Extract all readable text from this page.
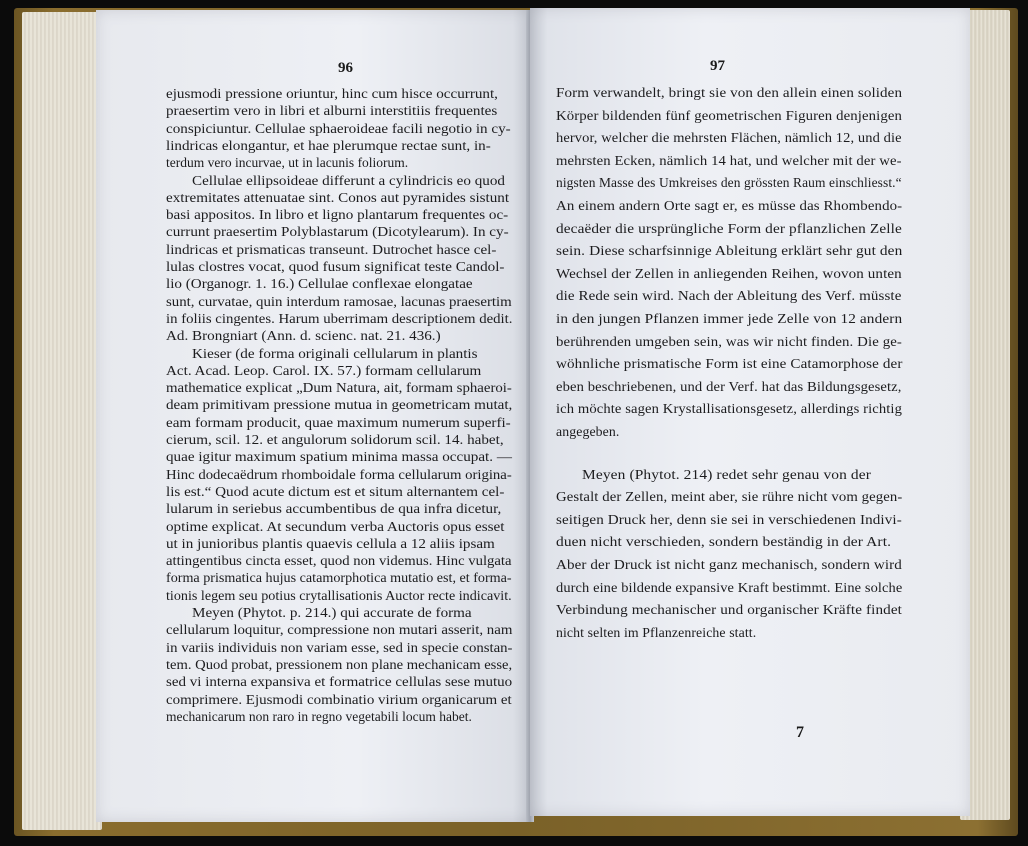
96
ejusmodi pressione oriuntur, hinc cum hisce occurrunt,
praesertim vero in libri et alburni interstitiis frequentes
conspiciuntur. Cellulae sphaeroideae facili negotio in cy-
lindricas elongantur, et hae plerumque rectae sunt, in-
terdum vero incurvae, ut in lacunis foliorum.
Cellulae ellipsoideae differunt a cylindricis eo quod
extremitates attenuatae sint. Conos aut pyramides sistunt
basi appositos. In libro et ligno plantarum frequentes oc-
currunt praesertim Polyblastarum (Dicotylearum). In cy-
lindricas et prismaticas transeunt. Dutrochet hasce cel-
lulas clostres vocat, quod fusum significat teste Candol-
lio (Organogr. 1. 16.) Cellulae conflexae elongatae
sunt, curvatae, quin interdum ramosae, lacunas praesertim
in foliis cingentes. Harum uberrimam descriptionem dedit.
Ad. Brongniart (Ann. d. scienc. nat. 21. 436.)
Kieser (de forma originali cellularum in plantis
Act. Acad. Leop. Carol. IX. 57.) formam cellularum
mathematice explicat „Dum Natura, ait, formam sphaeroi-
deam primitivam pressione mutua in geometricam mutat,
eam formam producit, quae maximum numerum superfi-
cierum, scil. 12. et angulorum solidorum scil. 14. habet,
quae igitur maximum spatium minima massa occupat. —
Hinc dodecaëdrum rhomboidale forma cellularum origina-
lis est.“ Quod acute dictum est et situm alternantem cel-
lularum in seriebus accumbentibus de qua infra dicetur,
optime explicat. At secundum verba Auctoris opus esset
ut in junioribus plantis quaevis cellula a 12 aliis ipsam
attingentibus cincta esset, quod non videmus. Hinc vulgata
forma prismatica hujus catamorphotica mutatio est, et forma-
tionis legem seu potius crytallisationis Auctor recte indicavit.
Meyen (Phytot. p. 214.) qui accurate de forma
cellularum loquitur, compressione non mutari asserit, nam
in variis individuis non variam esse, sed in specie constan-
tem. Quod probat, pressionem non plane mechanicam esse,
sed vi interna expansiva et formatrice cellulas sese mutuo
comprimere. Ejusmodi combinatio virium organicarum et
mechanicarum non raro in regno vegetabili locum habet.
97
Form verwandelt, bringt sie von den allein einen soliden
Körper bildenden fünf geometrischen Figuren denjenigen
hervor, welcher die mehrsten Flächen, nämlich 12, und die
mehrsten Ecken, nämlich 14 hat, und welcher mit der we-
nigsten Masse des Umkreises den grössten Raum einschliesst.“
An einem andern Orte sagt er, es müsse das Rhombendo-
decaëder die ursprüngliche Form der pflanzlichen Zelle
sein. Diese scharfsinnige Ableitung erklärt sehr gut den
Wechsel der Zellen in anliegenden Reihen, wovon unten
die Rede sein wird. Nach der Ableitung des Verf. müsste
in den jungen Pflanzen immer jede Zelle von 12 andern
berührenden umgeben sein, was wir nicht finden. Die ge-
wöhnliche prismatische Form ist eine Catamorphose der
eben beschriebenen, und der Verf. hat das Bildungsgesetz,
ich möchte sagen Krystallisationsgesetz, allerdings richtig
angegeben.
Meyen (Phytot. 214) redet sehr genau von der
Gestalt der Zellen, meint aber, sie rühre nicht vom gegen-
seitigen Druck her, denn sie sei in verschiedenen Indivi-
duen nicht verschieden, sondern beständig in der Art.
Aber der Druck ist nicht ganz mechanisch, sondern wird
durch eine bildende expansive Kraft bestimmt. Eine solche
Verbindung mechanischer und organischer Kräfte findet
nicht selten im Pflanzenreiche statt.
7
